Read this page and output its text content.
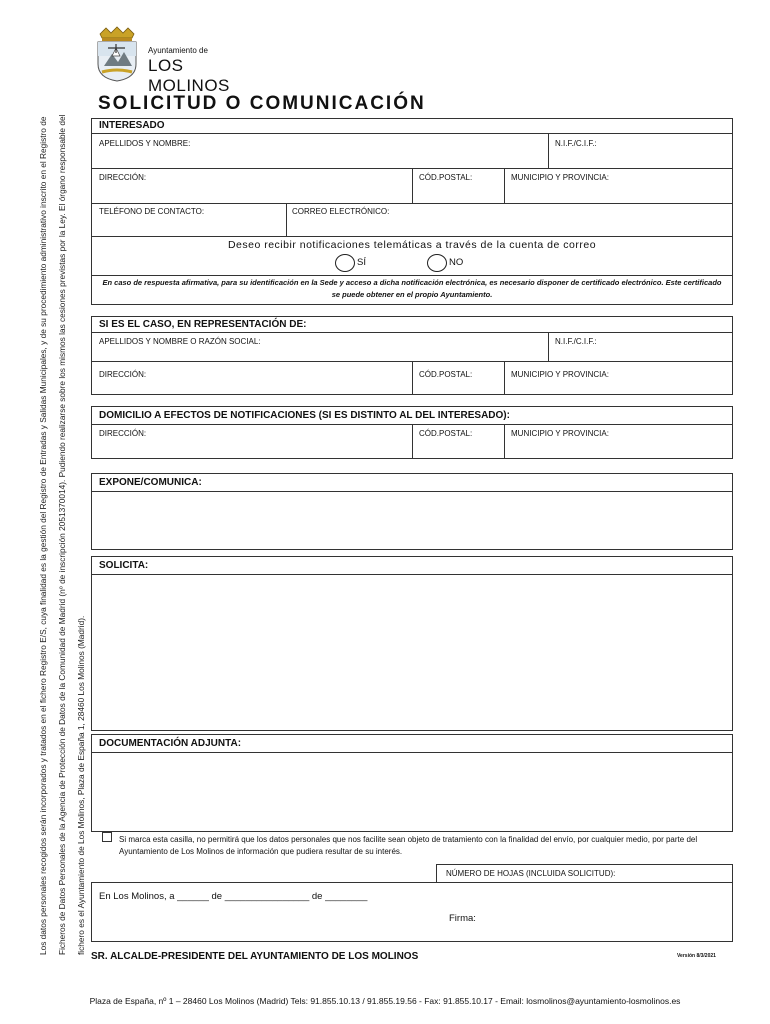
Los datos personales recogidos serán incorporados y tratados en el fichero Registro E/S, cuya finalidad es la gestión del Registro de Entradas y Salidas Municipales, y de su procedimiento administrativo inscrito en el Registro de Ficheros de Datos Personales de la Agencia de Protección de Datos de la Comunidad de Madrid (nº de inscripción 2051370014). Pudiendo realizarse sobre los mismos las cesiones previstas por la Ley. El órgano responsable del fichero es el Ayuntamiento de Los Molinos, Plaza de España 1, 28460 Los Molinos (Madrid).
Ayuntamiento de
LOS MOLINOS
SOLICITUD O COMUNICACIÓN
INTERESADO
APELLIDOS Y NOMBRE:	N.I.F./C.I.F.:
DIRECCIÓN:	CÓD.POSTAL:	MUNICIPIO Y PROVINCIA:
TELÉFONO DE CONTACTO:	CORREO ELECTRÓNICO:
Deseo recibir notificaciones telemáticas a través de la cuenta de correo
SÍ	NO
En caso de respuesta afirmativa, para su identificación en la Sede y acceso a dicha notificación electrónica, es necesario disponer de certificado electrónico. Este certificado se puede obtener en el propio Ayuntamiento.
SI ES EL CASO, EN REPRESENTACIÓN DE:
APELLIDOS Y NOMBRE O RAZÓN SOCIAL:	N.I.F./C.I.F.:
DIRECCIÓN:	CÓD.POSTAL:	MUNICIPIO Y PROVINCIA:
DOMICILIO A EFECTOS DE NOTIFICACIONES (SI ES DISTINTO AL DEL INTERESADO):
DIRECCIÓN:	CÓD.POSTAL:	MUNICIPIO Y PROVINCIA:
EXPONE/COMUNICA:
SOLICITA:
DOCUMENTACIÓN ADJUNTA:
Si marca esta casilla, no permitirá que los datos personales que nos facilite sean objeto de tratamiento con la finalidad del envío, por cualquier medio, por parte del Ayuntamiento de Los Molinos de información que pudiera resultar de su interés.
NÚMERO DE HOJAS (INCLUIDA SOLICITUD):
En Los Molinos, a ______ de ________________ de ________
Firma:
SR. ALCALDE-PRESIDENTE DEL AYUNTAMIENTO DE LOS MOLINOS	Versión 8/3/2021
Plaza de España, nº 1 – 28460 Los Molinos (Madrid) Tels: 91.855.10.13 / 91.855.19.56 - Fax: 91.855.10.17 - Email: losmolinos@ayuntamiento-losmolinos.es
